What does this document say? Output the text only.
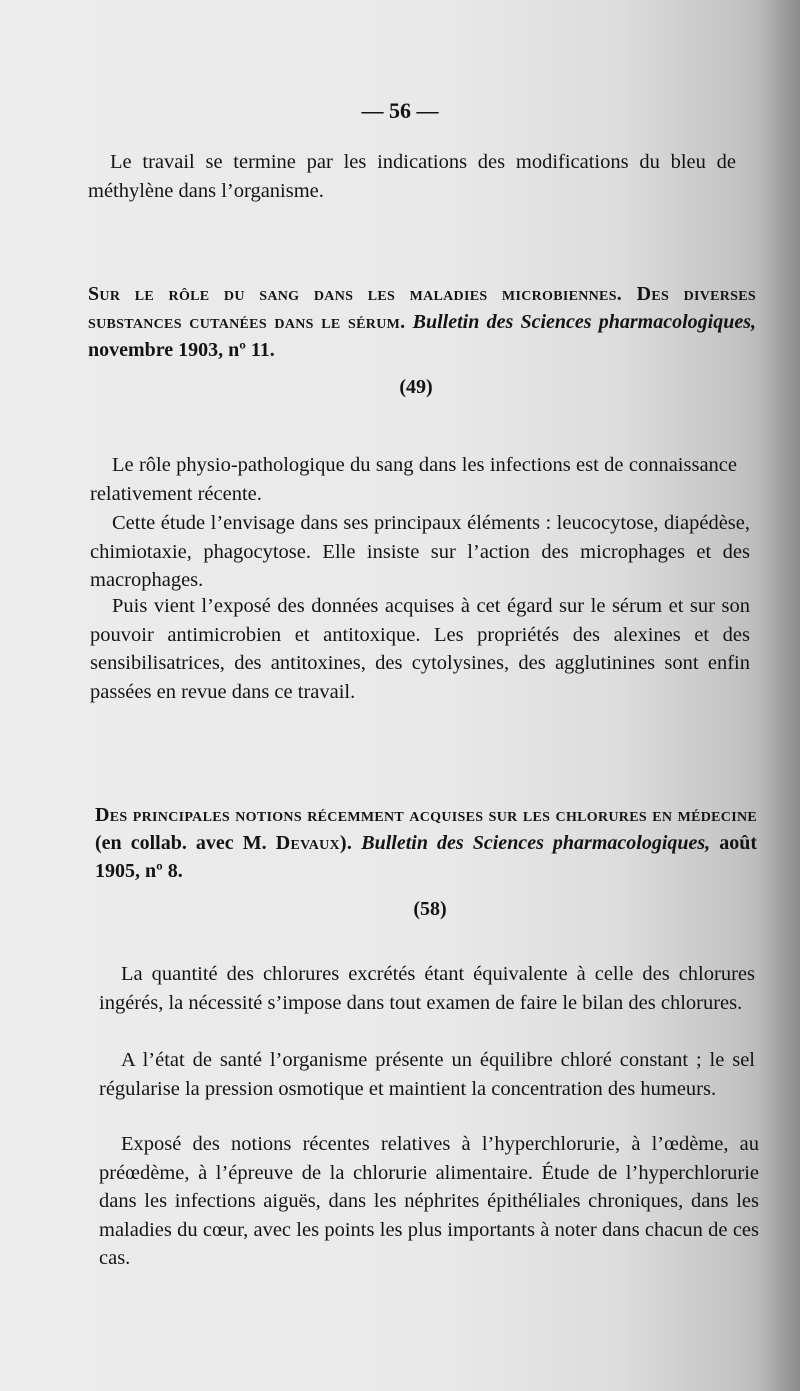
— 56 —

Le travail se termine par les indications des modifications du bleu de méthylène dans l’organisme.

Sur le rôle du sang dans les maladies microbiennes. Des diverses substances cutanées dans le sérum. Bulletin des Sciences pharmacologiques, novembre 1903, nº 11.
(49)

Le rôle physio-pathologique du sang dans les infections est de connaissance relativement récente.

Cette étude l’envisage dans ses principaux éléments : leucocytose, diapédèse, chimiotaxie, phagocytose. Elle insiste sur l’action des microphages et des macrophages.

Puis vient l’exposé des données acquises à cet égard sur le sérum et sur son pouvoir antimicrobien et antitoxique. Les propriétés des alexines et des sensibilisatrices, des antitoxines, des cytolysines, des agglutinines sont enfin passées en revue dans ce travail.

Des principales notions récemment acquises sur les chlorures en médecine (en collab. avec M. Devaux). Bulletin des Sciences pharmacologiques, août 1905, nº 8.
(58)

La quantité des chlorures excrétés étant équivalente à celle des chlorures ingérés, la nécessité s’impose dans tout examen de faire le bilan des chlorures.

A l’état de santé l’organisme présente un équilibre chloré constant ; le sel régularise la pression osmotique et maintient la concentration des humeurs.

Exposé des notions récentes relatives à l’hyperchlorurie, à l’œdème, au préœdème, à l’épreuve de la chlorurie alimentaire. Étude de l’hyperchlorurie dans les infections aiguës, dans les néphrites épithéliales chroniques, dans les maladies du cœur, avec les points les plus importants à noter dans chacun de ces cas.
